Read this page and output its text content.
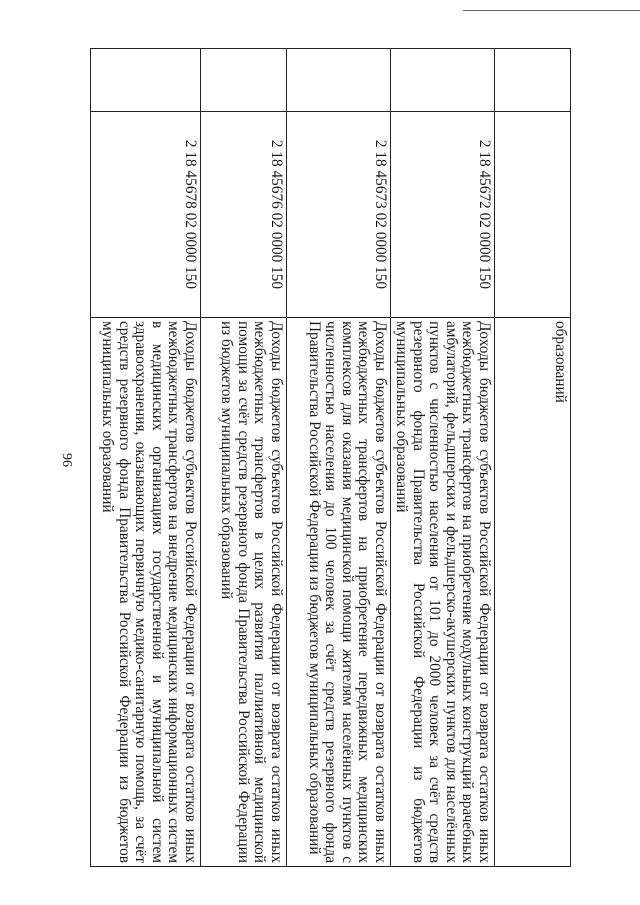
96
		образований
	2 18 45672 02 0000 150	Доходы бюджетов субъектов Российской Федерации от возврата остатков иных межбюджетных трансфертов на приобретение модульных конструкций врачебных амбулаторий, фельдшерских и фельдшерско-акушерских пунктов для населённых пунктов с численностью населения от 101 до 2000 человек за счёт средств резервного фонда Правительства Российской Федерации из бюджетов муниципальных образований
	2 18 45673 02 0000 150	Доходы бюджетов субъектов Российской Федерации от возврата остатков иных межбюджетных трансфертов на приобретение передвижных медицинских комплексов для оказания медицинской помощи жителям населённых пунктов с численностью населения до 100 человек за счёт средств резервного фонда Правительства Российской Федерации из бюджетов муниципальных образований
	2 18 45676 02 0000 150	Доходы бюджетов субъектов Российской Федерации от возврата остатков иных межбюджетных трансфертов в целях развития паллиативной медицинской помощи за счёт средств резервного фонда Правительства Российской Федерации из бюджетов муниципальных образований
	2 18 45678 02 0000 150	Доходы бюджетов субъектов Российской Федерации от возврата остатков иных межбюджетных трансфертов на внедрение медицинских информационных систем в медицинских организациях государственной и муниципальной систем здравоохранения, оказывающих первичную медико-санитарную помощь, за счёт средств резервного фонда Правительства Российской Федерации из бюджетов муниципальных образований
